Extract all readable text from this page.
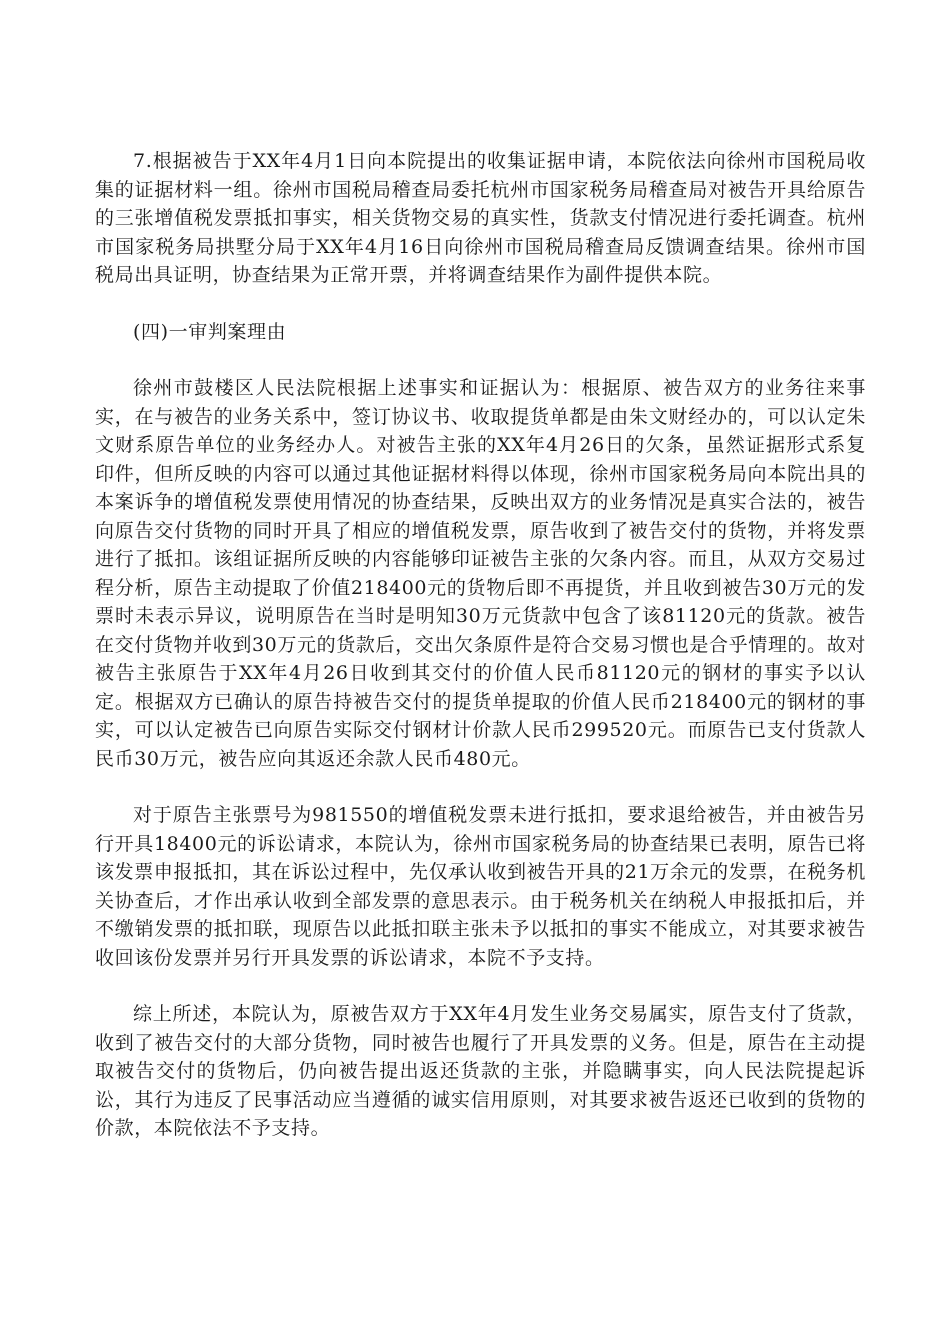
7.根据被告于XX年4月1日向本院提出的收集证据申请，本院依法向徐州市国税局收集的证据材料一组。徐州市国税局稽查局委托杭州市国家税务局稽查局对被告开具给原告的三张增值税发票抵扣事实，相关货物交易的真实性，货款支付情况进行委托调查。杭州市国家税务局拱墅分局于XX年4月16日向徐州市国税局稽查局反馈调查结果。徐州市国税局出具证明，协查结果为正常开票，并将调查结果作为副件提供本院。

(四)一审判案理由

徐州市鼓楼区人民法院根据上述事实和证据认为：根据原、被告双方的业务往来事实，在与被告的业务关系中，签订协议书、收取提货单都是由朱文财经办的，可以认定朱文财系原告单位的业务经办人。对被告主张的XX年4月26日的欠条，虽然证据形式系复印件，但所反映的内容可以通过其他证据材料得以体现，徐州市国家税务局向本院出具的本案诉争的增值税发票使用情况的协查结果，反映出双方的业务情况是真实合法的，被告向原告交付货物的同时开具了相应的增值税发票，原告收到了被告交付的货物，并将发票进行了抵扣。该组证据所反映的内容能够印证被告主张的欠条内容。而且，从双方交易过程分析，原告主动提取了价值218400元的货物后即不再提货，并且收到被告30万元的发票时未表示异议，说明原告在当时是明知30万元货款中包含了该81120元的货款。被告在交付货物并收到30万元的货款后，交出欠条原件是符合交易习惯也是合乎情理的。故对被告主张原告于XX年4月26日收到其交付的价值人民币81120元的钢材的事实予以认定。根据双方已确认的原告持被告交付的提货单提取的价值人民币218400元的钢材的事实，可以认定被告已向原告实际交付钢材计价款人民币299520元。而原告已支付货款人民币30万元，被告应向其返还余款人民币480元。

对于原告主张票号为981550的增值税发票未进行抵扣，要求退给被告，并由被告另行开具18400元的诉讼请求，本院认为，徐州市国家税务局的协查结果已表明，原告已将该发票申报抵扣，其在诉讼过程中，先仅承认收到被告开具的21万余元的发票，在税务机关协查后，才作出承认收到全部发票的意思表示。由于税务机关在纳税人申报抵扣后，并不缴销发票的抵扣联，现原告以此抵扣联主张未予以抵扣的事实不能成立，对其要求被告收回该份发票并另行开具发票的诉讼请求，本院不予支持。

综上所述，本院认为，原被告双方于XX年4月发生业务交易属实，原告支付了货款，收到了被告交付的大部分货物，同时被告也履行了开具发票的义务。但是，原告在主动提取被告交付的货物后，仍向被告提出返还货款的主张，并隐瞒事实，向人民法院提起诉讼，其行为违反了民事活动应当遵循的诚实信用原则，对其要求被告返还已收到的货物的价款，本院依法不予支持。
